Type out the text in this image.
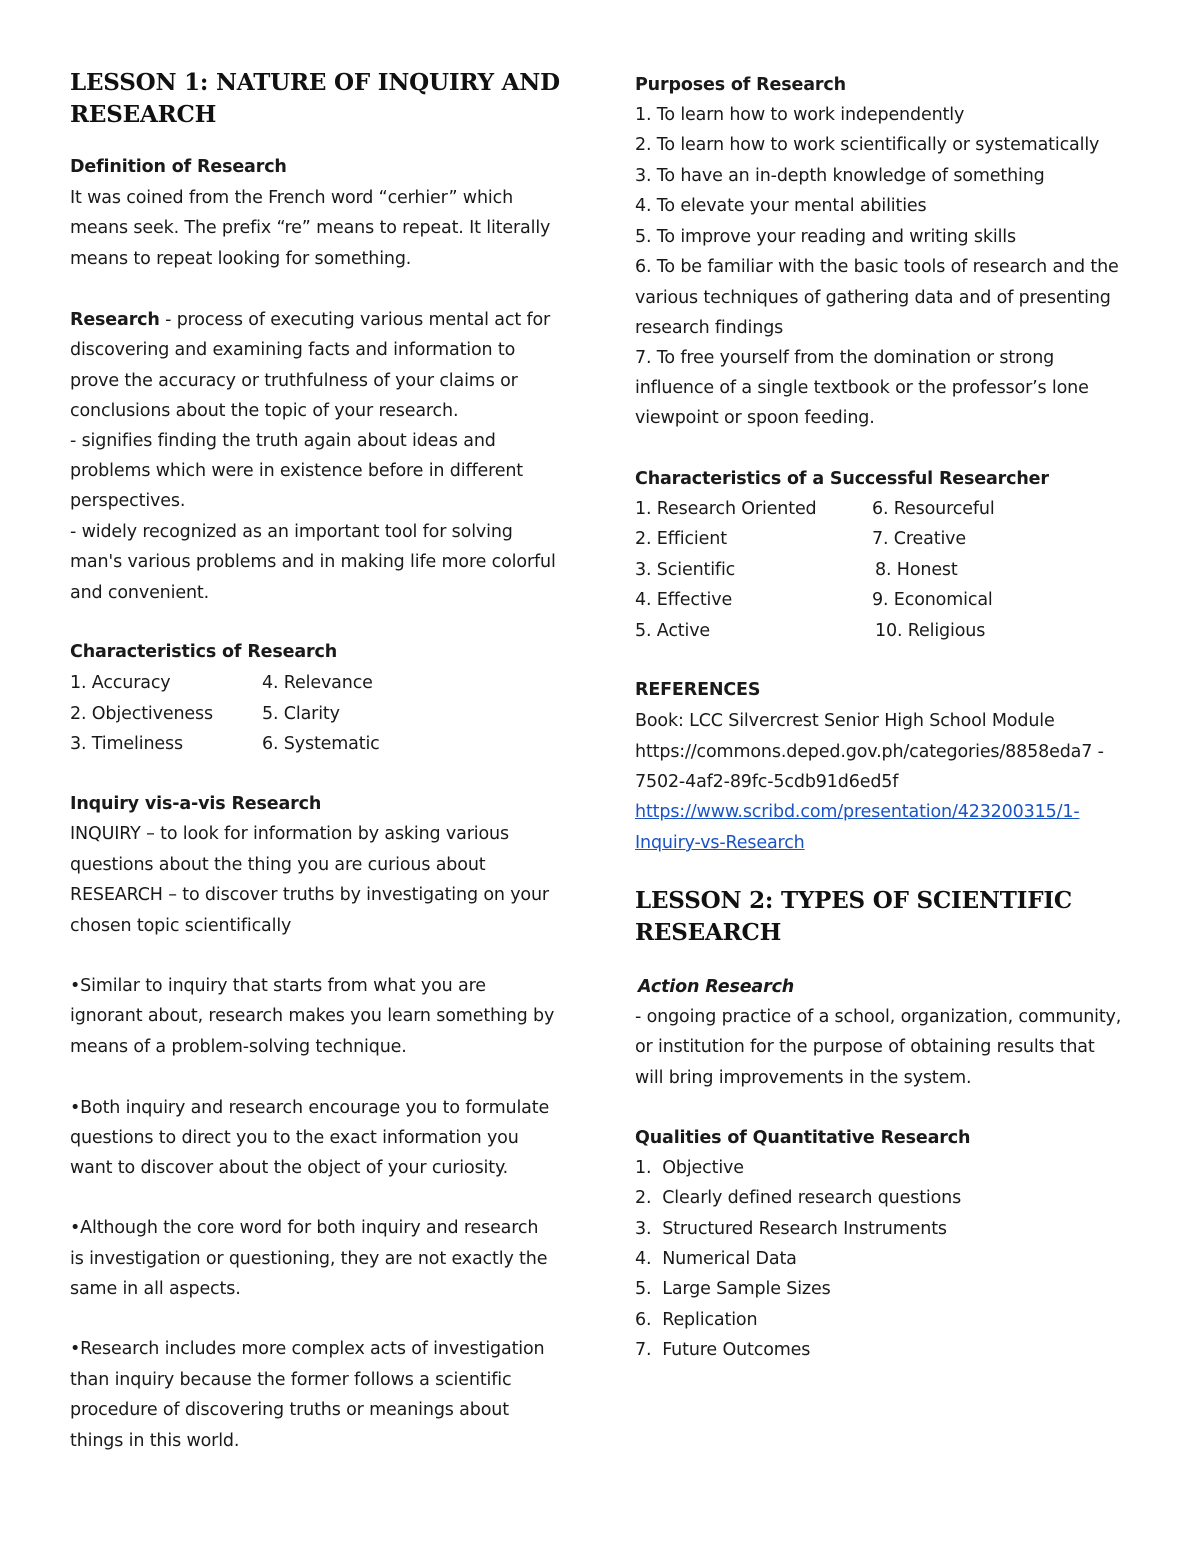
LESSON 1: NATURE OF INQUIRY AND
RESEARCH
Definition of Research
It was coined from the French word “cerhier” which
means seek. The prefix “re” means to repeat. It literally
means to repeat looking for something.
Research - process of executing various mental act for
discovering and examining facts and information to
prove the accuracy or truthfulness of your claims or
conclusions about the topic of your research.
- signifies finding the truth again about ideas and
problems which were in existence before in different
perspectives.
- widely recognized as an important tool for solving
man's various problems and in making life more colorful
and convenient.
Characteristics of Research
1. Accuracy
2. Objectiveness
3. Timeliness
4. Relevance
5. Clarity
6. Systematic
Inquiry vis-a-vis Research
INQUIRY – to look for information by asking various
questions about the thing you are curious about
RESEARCH – to discover truths by investigating on your
chosen topic scientifically
•Similar to inquiry that starts from what you are
ignorant about, research makes you learn something by
means of a problem-solving technique.
•Both inquiry and research encourage you to formulate
questions to direct you to the exact information you
want to discover about the object of your curiosity.
•Although the core word for both inquiry and research
is investigation or questioning, they are not exactly the
same in all aspects.
•Research includes more complex acts of investigation
than inquiry because the former follows a scientific
procedure of discovering truths or meanings about
things in this world.
Purposes of Research
1. To learn how to work independently
2. To learn how to work scientifically or systematically
3. To have an in-depth knowledge of something
4. To elevate your mental abilities
5. To improve your reading and writing skills
6. To be familiar with the basic tools of research and the
various techniques of gathering data and of presenting
research findings
7. To free yourself from the domination or strong
influence of a single textbook or the professor’s lone
viewpoint or spoon feeding.
Characteristics of a Successful Researcher
1. Research Oriented
2. Efficient
3. Scientific
4. Effective
5. Active
6. Resourceful
7. Creative
8. Honest
9. Economical
10. Religious
REFERENCES
Book: LCC Silvercrest Senior High School Module
https://commons.deped.gov.ph/categories/8858eda7 -
7502-4af2-89fc-5cdb91d6ed5f
https://www.scribd.com/presentation/423200315/1-
Inquiry-vs-Research
LESSON 2: TYPES OF SCIENTIFIC
RESEARCH
Action Research
- ongoing practice of a school, organization, community,
or institution for the purpose of obtaining results that
will bring improvements in the system.
Qualities of Quantitative Research
1.  Objective
2.  Clearly defined research questions
3.  Structured Research Instruments
4.  Numerical Data
5.  Large Sample Sizes
6.  Replication
7.  Future Outcomes
